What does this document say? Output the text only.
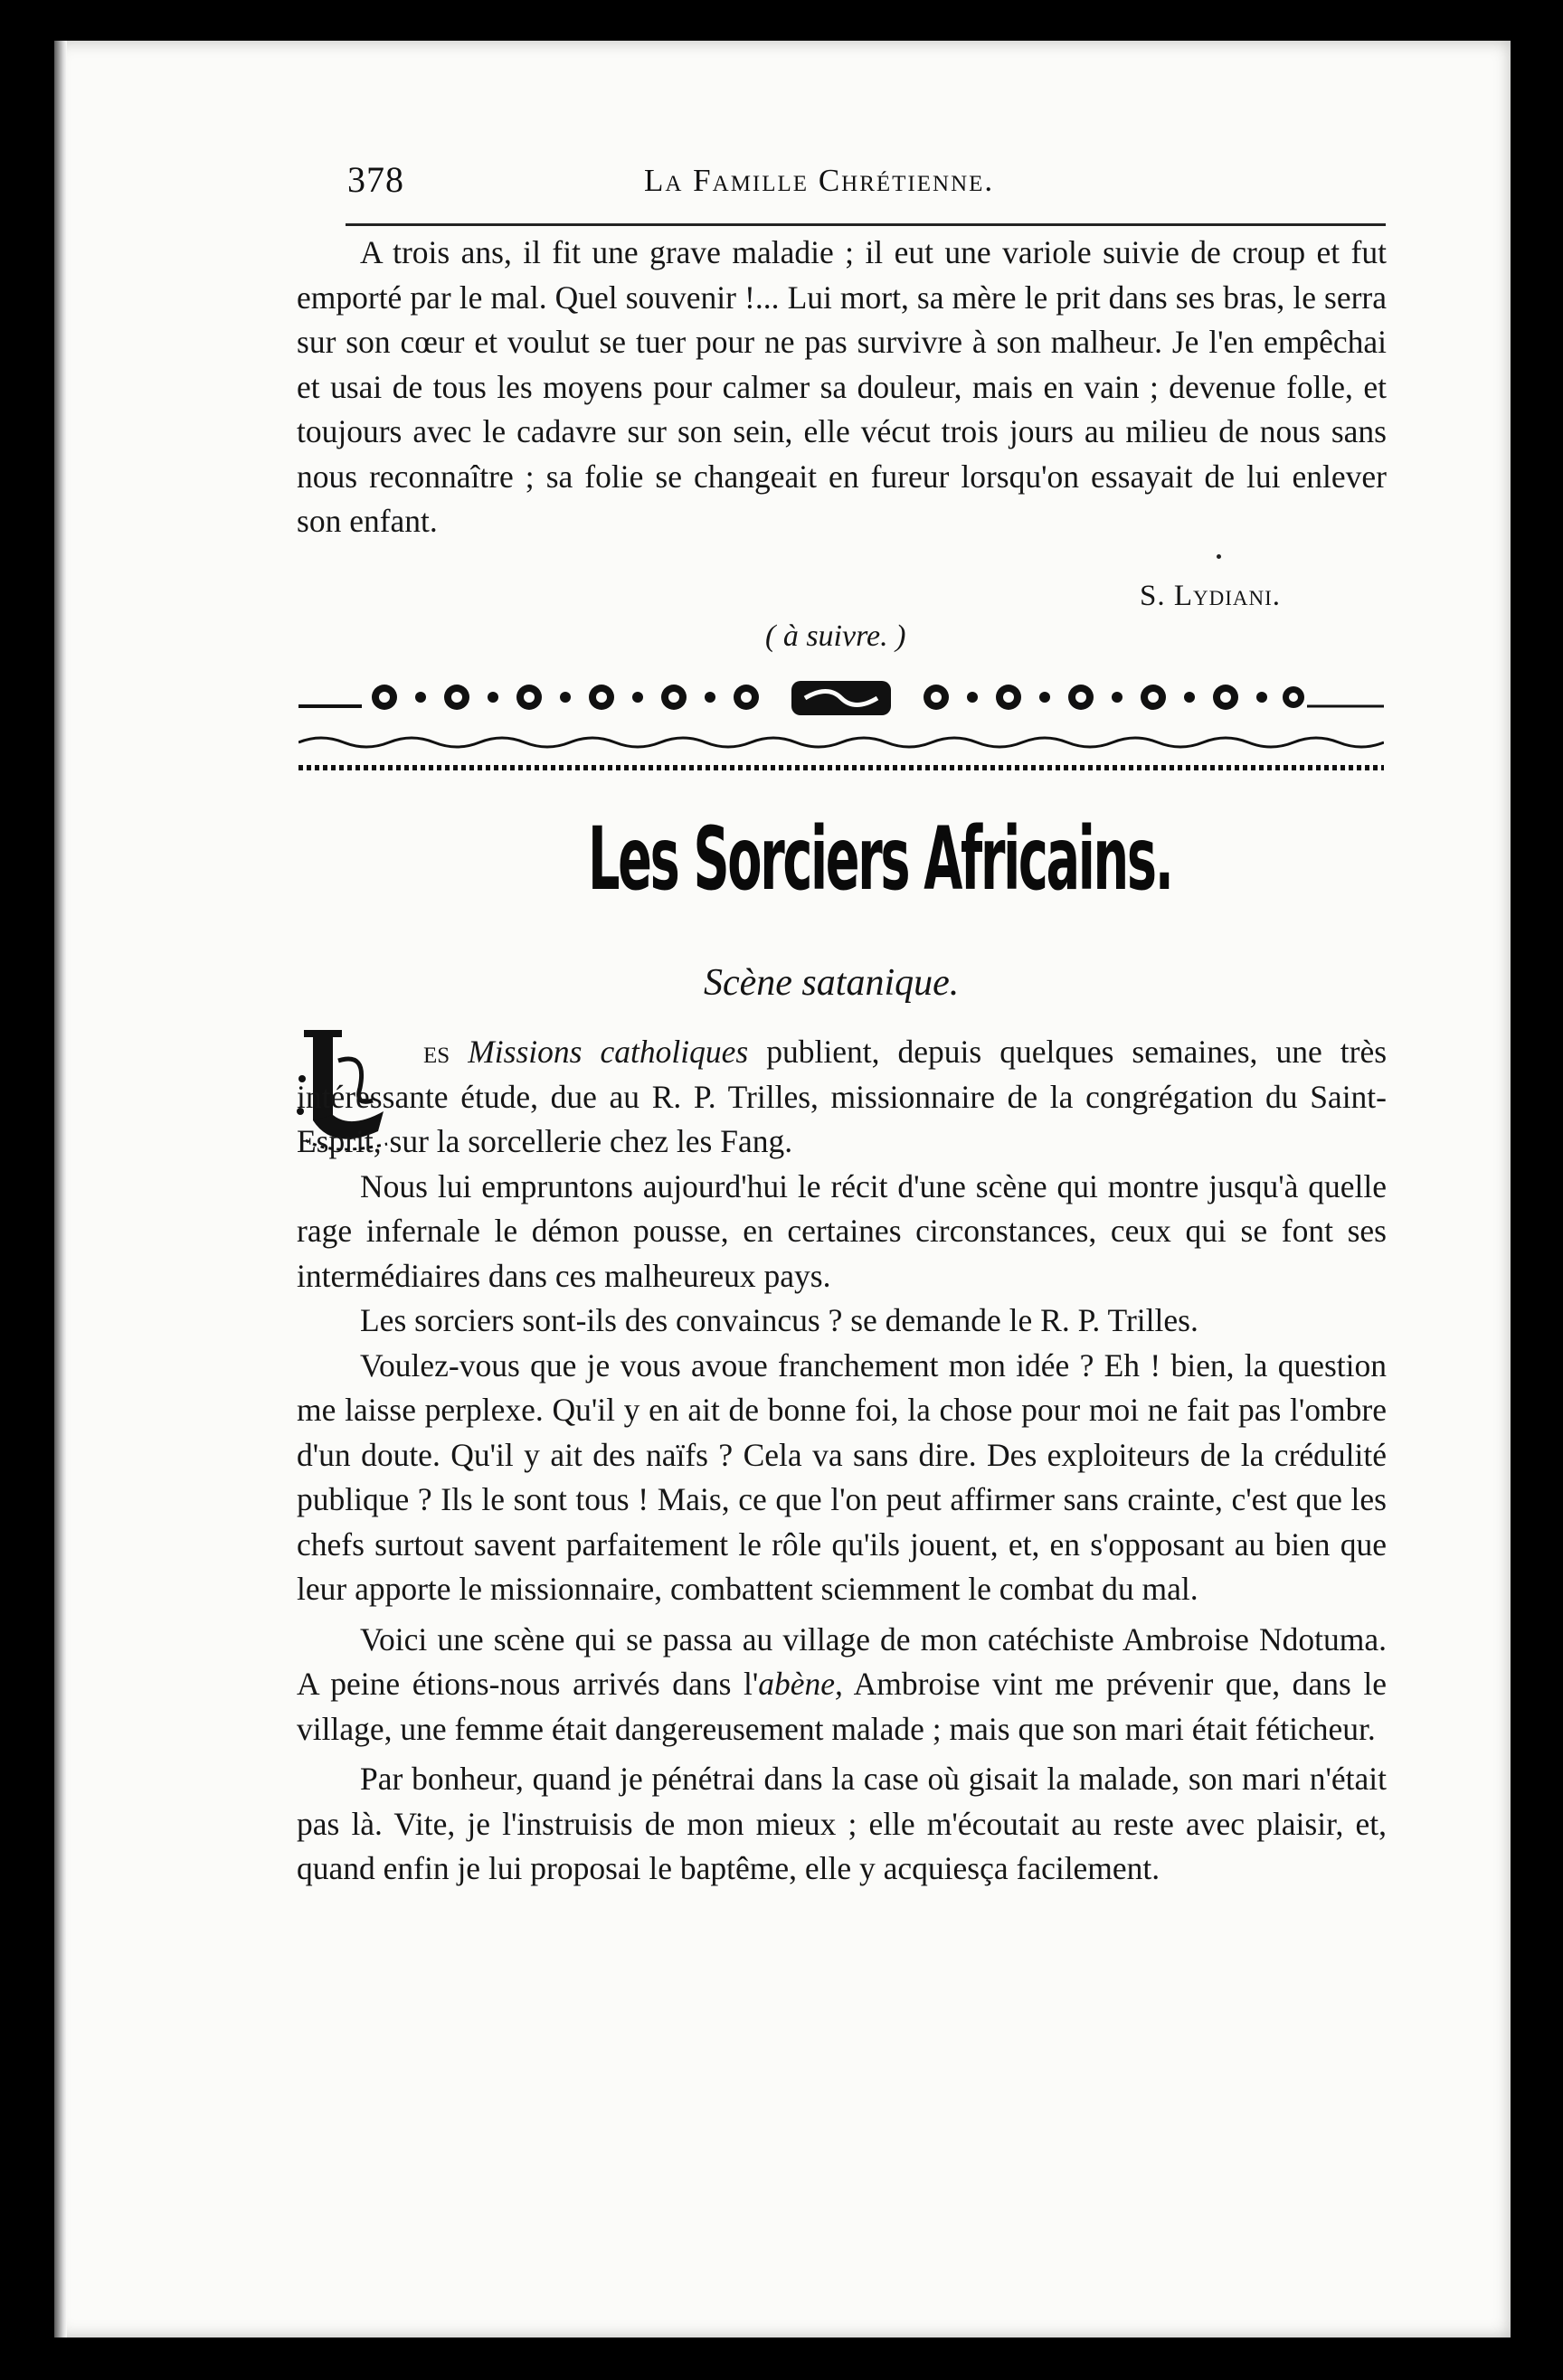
378	La Famille Chrétienne.

A trois ans, il fit une grave maladie ; il eut une variole suivie de croup et fut emporté par le mal. Quel souvenir !... Lui mort, sa mère le prit dans ses bras, le serra sur son cœur et voulut se tuer pour ne pas survivre à son malheur. Je l'en empêchai et usai de tous les moyens pour calmer sa douleur, mais en vain ; devenue folle, et toujours avec le cadavre sur son sein, elle vécut trois jours au milieu de nous sans nous reconnaître ; sa folie se changeait en fureur lorsqu'on essayait de lui enlever son enfant.

S. Lydiani.
( à suivre. )
Les Sorciers Africains.
Scène satanique.

es Missions catholiques publient, depuis quelques semaines, une très intéressante étude, due au R. P. Trilles, missionnaire de la congrégation du Saint-Esprit, sur la sorcellerie chez les Fang.

Nous lui empruntons aujourd'hui le récit d'une scène qui montre jusqu'à quelle rage infernale le démon pousse, en certaines circonstances, ceux qui se font ses intermédiaires dans ces malheureux pays.

Les sorciers sont-ils des convaincus ? se demande le R. P. Trilles.

Voulez-vous que je vous avoue franchement mon idée ? Eh ! bien, la question me laisse perplexe. Qu'il y en ait de bonne foi, la chose pour moi ne fait pas l'ombre d'un doute. Qu'il y ait des naïfs ? Cela va sans dire. Des exploiteurs de la crédulité publique ? Ils le sont tous ! Mais, ce que l'on peut affirmer sans crainte, c'est que les chefs surtout savent parfaitement le rôle qu'ils jouent, et, en s'opposant au bien que leur apporte le missionnaire, combattent sciemment le combat du mal.

Voici une scène qui se passa au village de mon catéchiste Ambroise Ndotuma. A peine étions-nous arrivés dans l'abène, Ambroise vint me prévenir que, dans le village, une femme était dangereusement malade ; mais que son mari était féticheur.

Par bonheur, quand je pénétrai dans la case où gisait la malade, son mari n'était pas là. Vite, je l'instruisis de mon mieux ; elle m'écoutait au reste avec plaisir, et, quand enfin je lui proposai le baptême, elle y acquiesça facilement.
